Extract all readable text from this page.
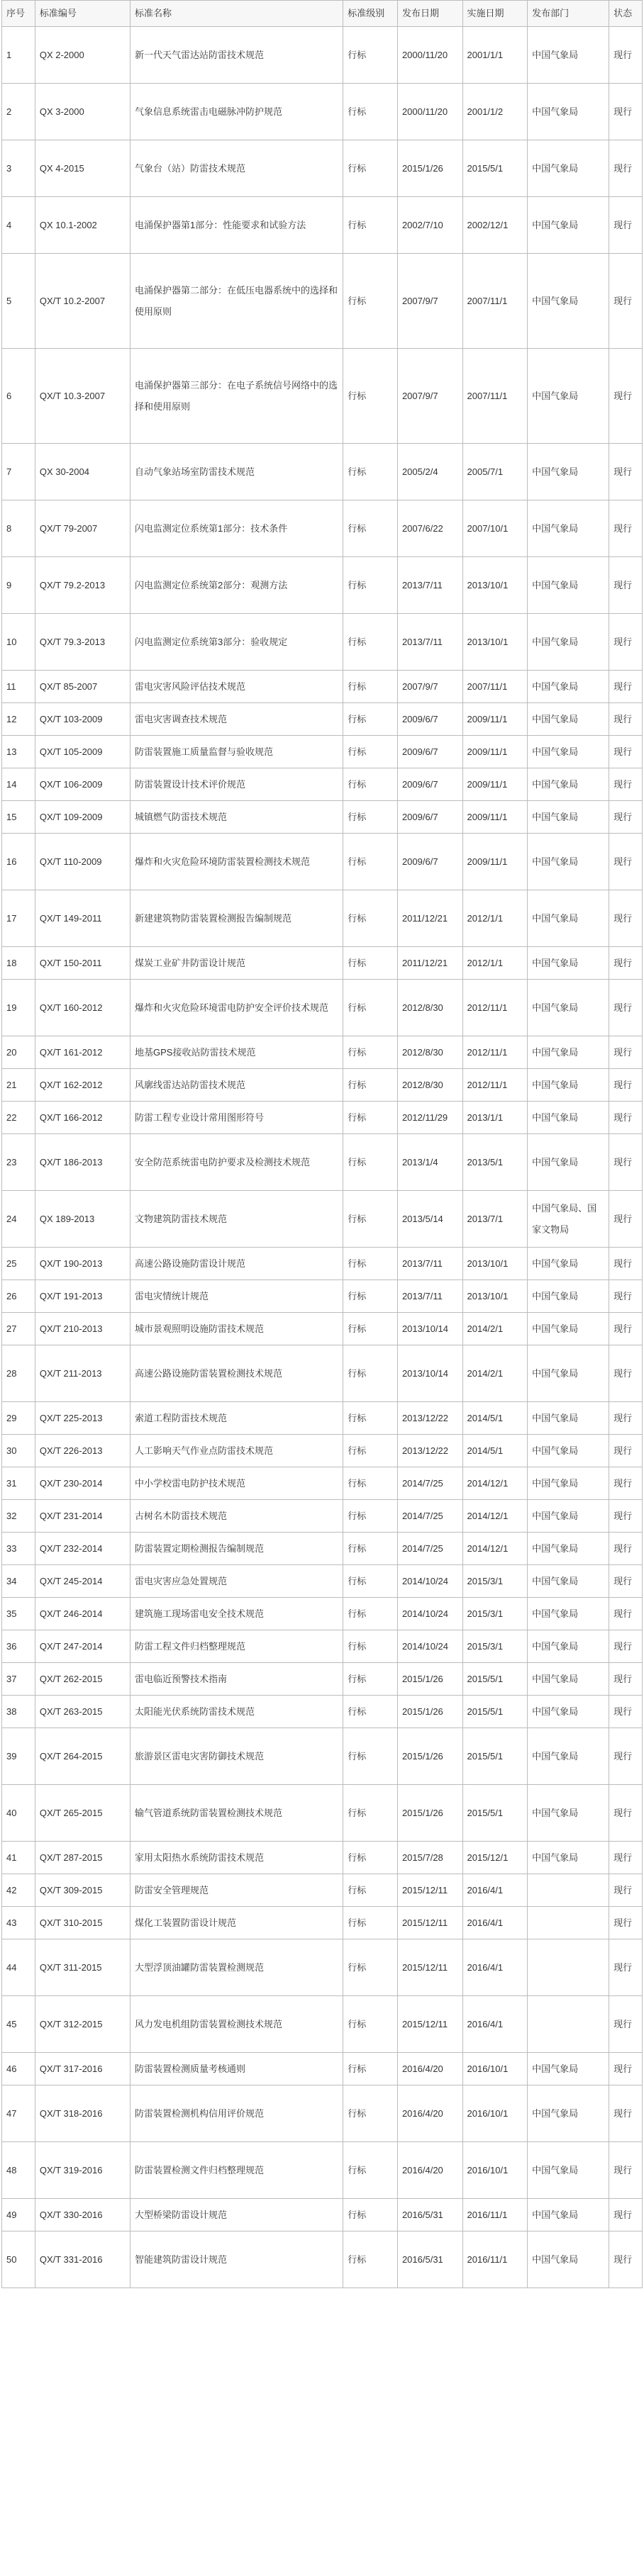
序号	标准编号	标准名称	标准级别	发布日期	实施日期	发布部门	状态
1	QX 2-2000	新一代天气雷达站防雷技术规范	行标	2000/11/20	2001/1/1	中国气象局	现行
2	QX 3-2000	气象信息系统雷击电磁脉冲防护规范	行标	2000/11/20	2001/1/2	中国气象局	现行
3	QX 4-2015	气象台（站）防雷技术规范	行标	2015/1/26	2015/5/1	中国气象局	现行
4	QX 10.1-2002	电涌保护器第1部分：性能要求和试验方法	行标	2002/7/10	2002/12/1	中国气象局	现行
5	QX/T 10.2-2007	电涌保护器第二部分：在低压电器系统中的选择和使用原则	行标	2007/9/7	2007/11/1	中国气象局	现行
6	QX/T 10.3-2007	电涌保护器第三部分：在电子系统信号网络中的选择和使用原则	行标	2007/9/7	2007/11/1	中国气象局	现行
7	QX 30-2004	自动气象站场室防雷技术规范	行标	2005/2/4	2005/7/1	中国气象局	现行
8	QX/T 79-2007	闪电监测定位系统第1部分：技术条件	行标	2007/6/22	2007/10/1	中国气象局	现行
9	QX/T 79.2-2013	闪电监测定位系统第2部分：观测方法	行标	2013/7/11	2013/10/1	中国气象局	现行
10	QX/T 79.3-2013	闪电监测定位系统第3部分：验收规定	行标	2013/7/11	2013/10/1	中国气象局	现行
11	QX/T 85-2007	雷电灾害风险评估技术规范	行标	2007/9/7	2007/11/1	中国气象局	现行
12	QX/T 103-2009	雷电灾害调查技术规范	行标	2009/6/7	2009/11/1	中国气象局	现行
13	QX/T 105-2009	防雷装置施工质量监督与验收规范	行标	2009/6/7	2009/11/1	中国气象局	现行
14	QX/T 106-2009	防雷装置设计技术评价规范	行标	2009/6/7	2009/11/1	中国气象局	现行
15	QX/T 109-2009	城镇燃气防雷技术规范	行标	2009/6/7	2009/11/1	中国气象局	现行
16	QX/T 110-2009	爆炸和火灾危险环境防雷装置检测技术规范	行标	2009/6/7	2009/11/1	中国气象局	现行
17	QX/T 149-2011	新建建筑物防雷装置检测报告编制规范	行标	2011/12/21	2012/1/1	中国气象局	现行
18	QX/T 150-2011	煤炭工业矿井防雷设计规范	行标	2011/12/21	2012/1/1	中国气象局	现行
19	QX/T 160-2012	爆炸和火灾危险环境雷电防护安全评价技术规范	行标	2012/8/30	2012/11/1	中国气象局	现行
20	QX/T 161-2012	地基GPS接收站防雷技术规范	行标	2012/8/30	2012/11/1	中国气象局	现行
21	QX/T 162-2012	风廓线雷达站防雷技术规范	行标	2012/8/30	2012/11/1	中国气象局	现行
22	QX/T 166-2012	防雷工程专业设计常用图形符号	行标	2012/11/29	2013/1/1	中国气象局	现行
23	QX/T 186-2013	安全防范系统雷电防护要求及检测技术规范	行标	2013/1/4	2013/5/1	中国气象局	现行
24	QX 189-2013	文物建筑防雷技术规范	行标	2013/5/14	2013/7/1	中国气象局、国家文物局	现行
25	QX/T 190-2013	高速公路设施防雷设计规范	行标	2013/7/11	2013/10/1	中国气象局	现行
26	QX/T 191-2013	雷电灾情统计规范	行标	2013/7/11	2013/10/1	中国气象局	现行
27	QX/T 210-2013	城市景观照明设施防雷技术规范	行标	2013/10/14	2014/2/1	中国气象局	现行
28	QX/T 211-2013	高速公路设施防雷装置检测技术规范	行标	2013/10/14	2014/2/1	中国气象局	现行
29	QX/T 225-2013	索道工程防雷技术规范	行标	2013/12/22	2014/5/1	中国气象局	现行
30	QX/T 226-2013	人工影响天气作业点防雷技术规范	行标	2013/12/22	2014/5/1	中国气象局	现行
31	QX/T 230-2014	中小学校雷电防护技术规范	行标	2014/7/25	2014/12/1	中国气象局	现行
32	QX/T 231-2014	古树名木防雷技术规范	行标	2014/7/25	2014/12/1	中国气象局	现行
33	QX/T 232-2014	防雷装置定期检测报告编制规范	行标	2014/7/25	2014/12/1	中国气象局	现行
34	QX/T 245-2014	雷电灾害应急处置规范	行标	2014/10/24	2015/3/1	中国气象局	现行
35	QX/T 246-2014	建筑施工现场雷电安全技术规范	行标	2014/10/24	2015/3/1	中国气象局	现行
36	QX/T 247-2014	防雷工程文件归档整理规范	行标	2014/10/24	2015/3/1	中国气象局	现行
37	QX/T 262-2015	雷电临近预警技术指南	行标	2015/1/26	2015/5/1	中国气象局	现行
38	QX/T 263-2015	太阳能光伏系统防雷技术规范	行标	2015/1/26	2015/5/1	中国气象局	现行
39	QX/T 264-2015	旅游景区雷电灾害防御技术规范	行标	2015/1/26	2015/5/1	中国气象局	现行
40	QX/T 265-2015	输气管道系统防雷装置检测技术规范	行标	2015/1/26	2015/5/1	中国气象局	现行
41	QX/T 287-2015	家用太阳热水系统防雷技术规范	行标	2015/7/28	2015/12/1	中国气象局	现行
42	QX/T 309-2015	防雷安全管理规范	行标	2015/12/11	2016/4/1		现行
43	QX/T 310-2015	煤化工装置防雷设计规范	行标	2015/12/11	2016/4/1		现行
44	QX/T 311-2015	大型浮顶油罐防雷装置检测规范	行标	2015/12/11	2016/4/1		现行
45	QX/T 312-2015	风力发电机组防雷装置检测技术规范	行标	2015/12/11	2016/4/1		现行
46	QX/T 317-2016	防雷装置检测质量考核通则	行标	2016/4/20	2016/10/1	中国气象局	现行
47	QX/T 318-2016	防雷装置检测机构信用评价规范	行标	2016/4/20	2016/10/1	中国气象局	现行
48	QX/T 319-2016	防雷装置检测文件归档整理规范	行标	2016/4/20	2016/10/1	中国气象局	现行
49	QX/T 330-2016	大型桥梁防雷设计规范	行标	2016/5/31	2016/11/1	中国气象局	现行
50	QX/T 331-2016	智能建筑防雷设计规范	行标	2016/5/31	2016/11/1	中国气象局	现行
